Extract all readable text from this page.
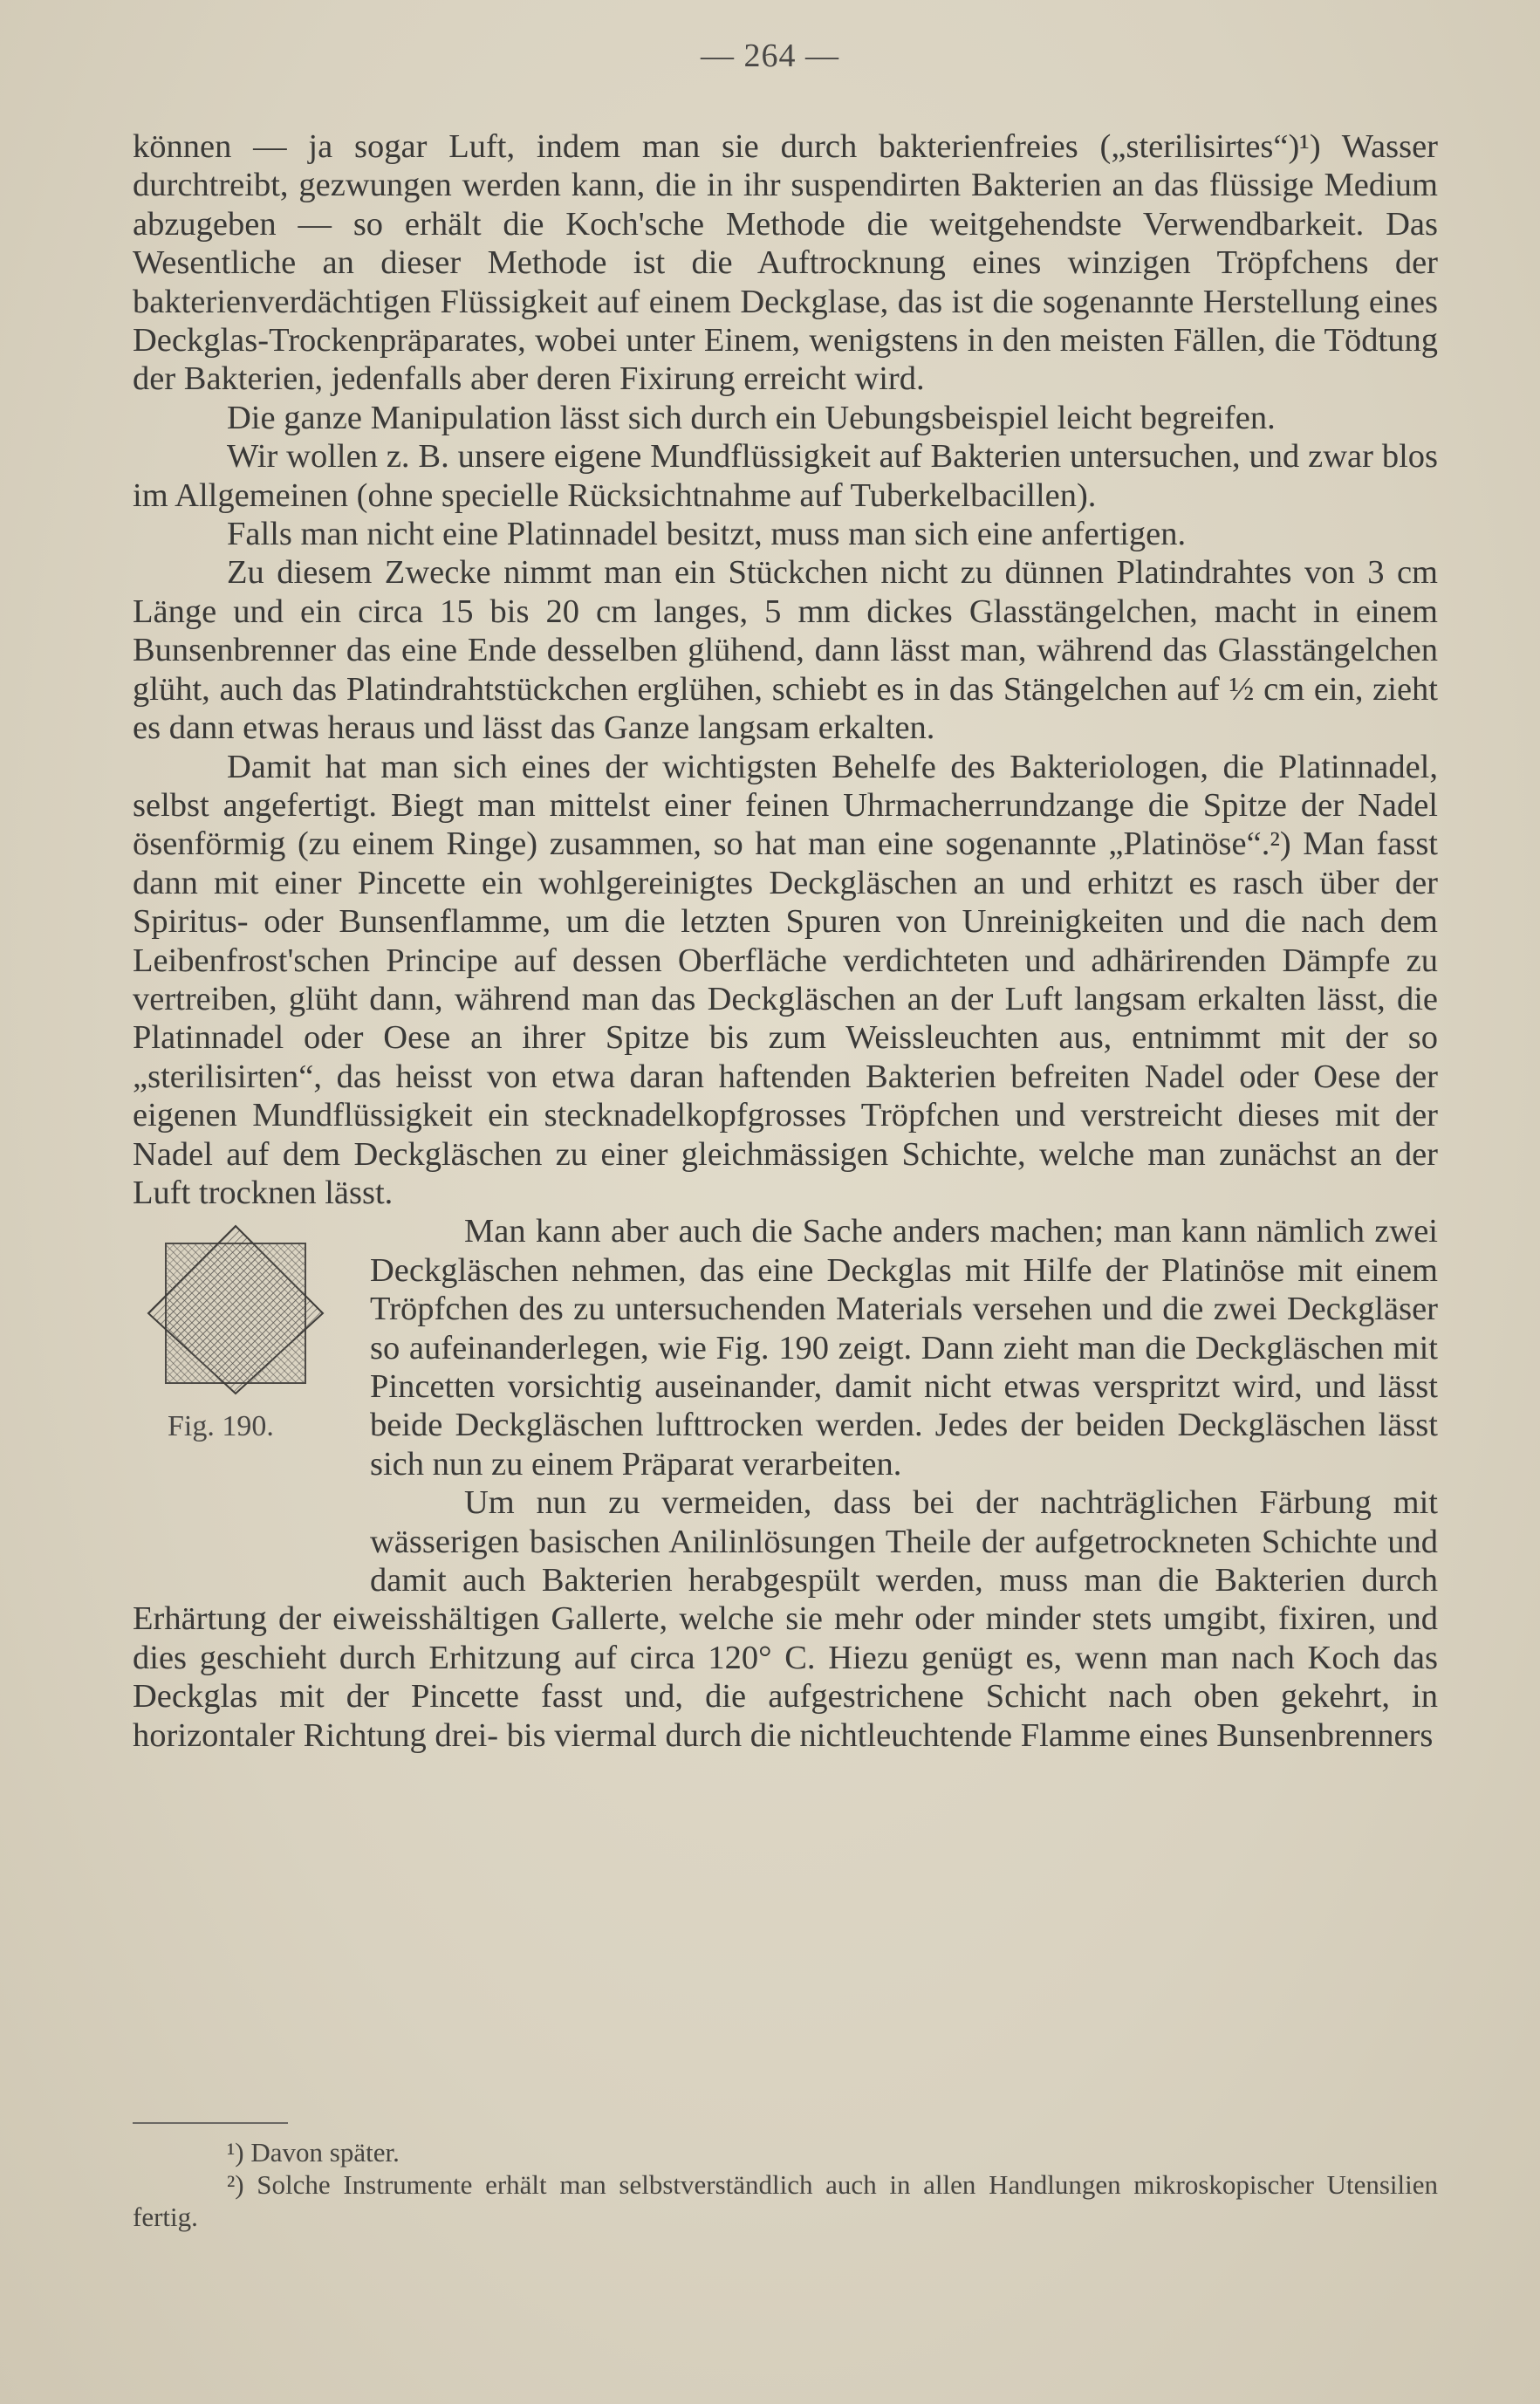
— 264 —

können — ja sogar Luft, indem man sie durch bakterienfreies („sterilisirtes“)¹) Wasser durchtreibt, gezwungen werden kann, die in ihr suspendirten Bakterien an das flüssige Medium abzugeben — so erhält die Koch'sche Methode die weitgehendste Verwendbarkeit. Das Wesentliche an dieser Methode ist die Auftrocknung eines winzigen Tröpfchens der bakterienverdächtigen Flüssigkeit auf einem Deckglase, das ist die sogenannte Herstellung eines Deckglas-Trockenpräparates, wobei unter Einem, wenigstens in den meisten Fällen, die Tödtung der Bakterien, jedenfalls aber deren Fixirung erreicht wird.

Die ganze Manipulation lässt sich durch ein Uebungsbeispiel leicht begreifen.

Wir wollen z. B. unsere eigene Mundflüssigkeit auf Bakterien untersuchen, und zwar blos im Allgemeinen (ohne specielle Rücksichtnahme auf Tuberkelbacillen).

Falls man nicht eine Platinnadel besitzt, muss man sich eine anfertigen.

Zu diesem Zwecke nimmt man ein Stückchen nicht zu dünnen Platindrahtes von 3 cm Länge und ein circa 15 bis 20 cm langes, 5 mm dickes Glasstängelchen, macht in einem Bunsenbrenner das eine Ende desselben glühend, dann lässt man, während das Glasstängelchen glüht, auch das Platindrahtstückchen erglühen, schiebt es in das Stängelchen auf ½ cm ein, zieht es dann etwas heraus und lässt das Ganze langsam erkalten.

Damit hat man sich eines der wichtigsten Behelfe des Bakteriologen, die Platinnadel, selbst angefertigt. Biegt man mittelst einer feinen Uhrmacherrundzange die Spitze der Nadel ösenförmig (zu einem Ringe) zusammen, so hat man eine sogenannte „Platinöse“.²) Man fasst dann mit einer Pincette ein wohlgereinigtes Deckgläschen an und erhitzt es rasch über der Spiritus- oder Bunsenflamme, um die letzten Spuren von Unreinigkeiten und die nach dem Leibenfrost'schen Principe auf dessen Oberfläche verdichteten und adhärirenden Dämpfe zu vertreiben, glüht dann, während man das Deckgläschen an der Luft langsam erkalten lässt, die Platinnadel oder Oese an ihrer Spitze bis zum Weissleuchten aus, entnimmt mit der so „sterilisirten“, das heisst von etwa daran haftenden Bakterien befreiten Nadel oder Oese der eigenen Mundflüssigkeit ein stecknadelkopfgrosses Tröpfchen und verstreicht dieses mit der Nadel auf dem Deckgläschen zu einer gleichmässigen Schichte, welche man zunächst an der Luft trocknen lässt.

Fig. 190.

Man kann aber auch die Sache anders machen; man kann nämlich zwei Deckgläschen nehmen, das eine Deckglas mit Hilfe der Platinöse mit einem Tröpfchen des zu untersuchenden Materials versehen und die zwei Deckgläser so aufeinanderlegen, wie Fig. 190 zeigt. Dann zieht man die Deckgläschen mit Pincetten vorsichtig auseinander, damit nicht etwas verspritzt wird, und lässt beide Deckgläschen lufttrocken werden. Jedes der beiden Deckgläschen lässt sich nun zu einem Präparat verarbeiten.

Um nun zu vermeiden, dass bei der nachträglichen Färbung mit wässerigen basischen Anilinlösungen Theile der aufgetrockneten Schichte und damit auch Bakterien herabgespült werden, muss man die Bakterien durch Erhärtung der eiweisshältigen Gallerte, welche sie mehr oder minder stets umgibt, fixiren, und dies geschieht durch Erhitzung auf circa 120° C. Hiezu genügt es, wenn man nach Koch das Deckglas mit der Pincette fasst und, die aufgestrichene Schicht nach oben gekehrt, in horizontaler Richtung drei- bis viermal durch die nichtleuchtende Flamme eines Bunsenbrenners

¹) Davon später.

²) Solche Instrumente erhält man selbstverständlich auch in allen Handlungen mikroskopischer Utensilien fertig.
